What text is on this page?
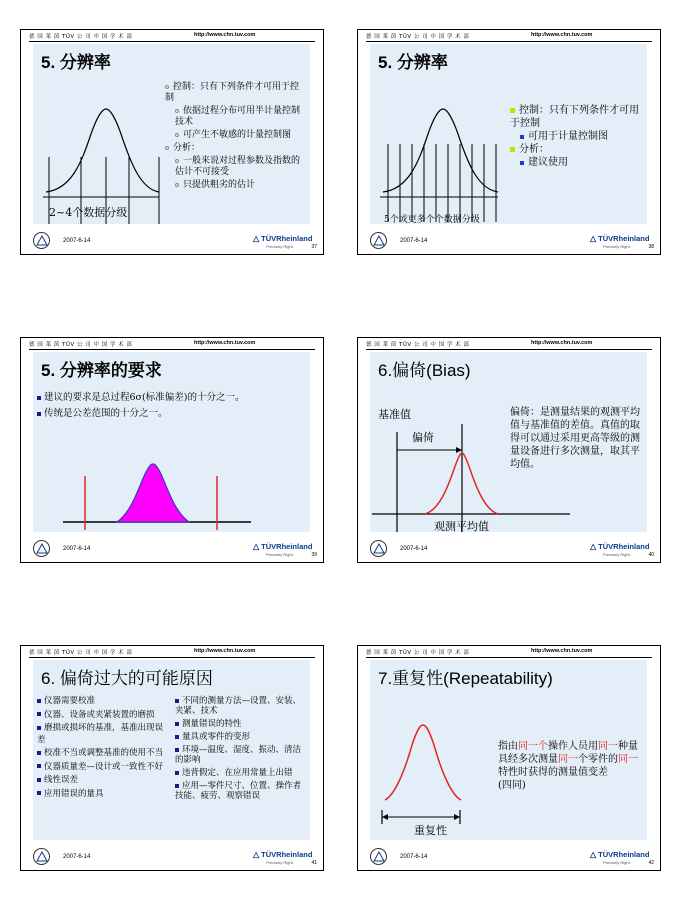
德 国 莱 茵 TÜV 公 司 中 国 学 术 部	http://www.chn.tuv.com
5. 分辨率
2~4个数据分级
控制：只有下列条件才可用于控制
依据过程分布可用半计量控制技术
可产生不敏感的计量控制图
分析：
一般来说对过程参数及指数的估计不可接受
只提供粗劣的估计
2007-6-14	△ TÜVRheinland
Precisely Right.	37
德 国 莱 茵 TÜV 公 司 中 国 学 术 部	http://www.chn.tuv.com
5. 分辨率
5个或更多个个数据分级
控制：只有下列条件才可用于控制
可用于计量控制图
分析：
建议使用
2007-6-14	△ TÜVRheinland
Precisely Right.	38
德 国 莱 茵 TÜV 公 司 中 国 学 术 部	http://www.chn.tuv.com
5. 分辨率的要求
建议的要求是总过程6σ(标准偏差)的十分之一。
传统是公差范围的十分之一。
2007-6-14	△ TÜVRheinland
Precisely Right.	39
德 国 莱 茵 TÜV 公 司 中 国 学 术 部	http://www.chn.tuv.com
6.偏倚(Bias)
基准值
偏倚
观测平均值
偏倚：是测量结果的观测平均值与基准值的差值。真值的取得可以通过采用更高等级的测量设备进行多次测量，取其平均值。
2007-6-14	△ TÜVRheinland
Precisely Right.	40
德 国 莱 茵 TÜV 公 司 中 国 学 术 部	http://www.chn.tuv.com
6. 偏倚过大的可能原因
仪器需要校准
仪器、设备或夹紧装置的磨损
磨损或损坏的基准，基准出现误差
校准不当或调整基准的使用不当
仪器质量差—设计或一致性不好
线性误差
应用错误的量具
不同的测量方法—设置、安装、夹紧、技术
测量错误的特性
量具或零件的变形
环境—温度、湿度、振动、清洁的影响
违背假定、在应用常量上出错
应用—零件尺寸、位置、操作者技能、疲劳、观察错误
2007-6-14	△ TÜVRheinland
Precisely Right.	41
德 国 莱 茵 TÜV 公 司 中 国 学 术 部	http://www.chn.tuv.com
7.重复性(Repeatability)
重复性
指由同一个操作人员用同一种量具经多次测量同一个零件的同一特性时获得的测量值变差
(四同)
2007-6-14	△ TÜVRheinland
Precisely Right.	42
